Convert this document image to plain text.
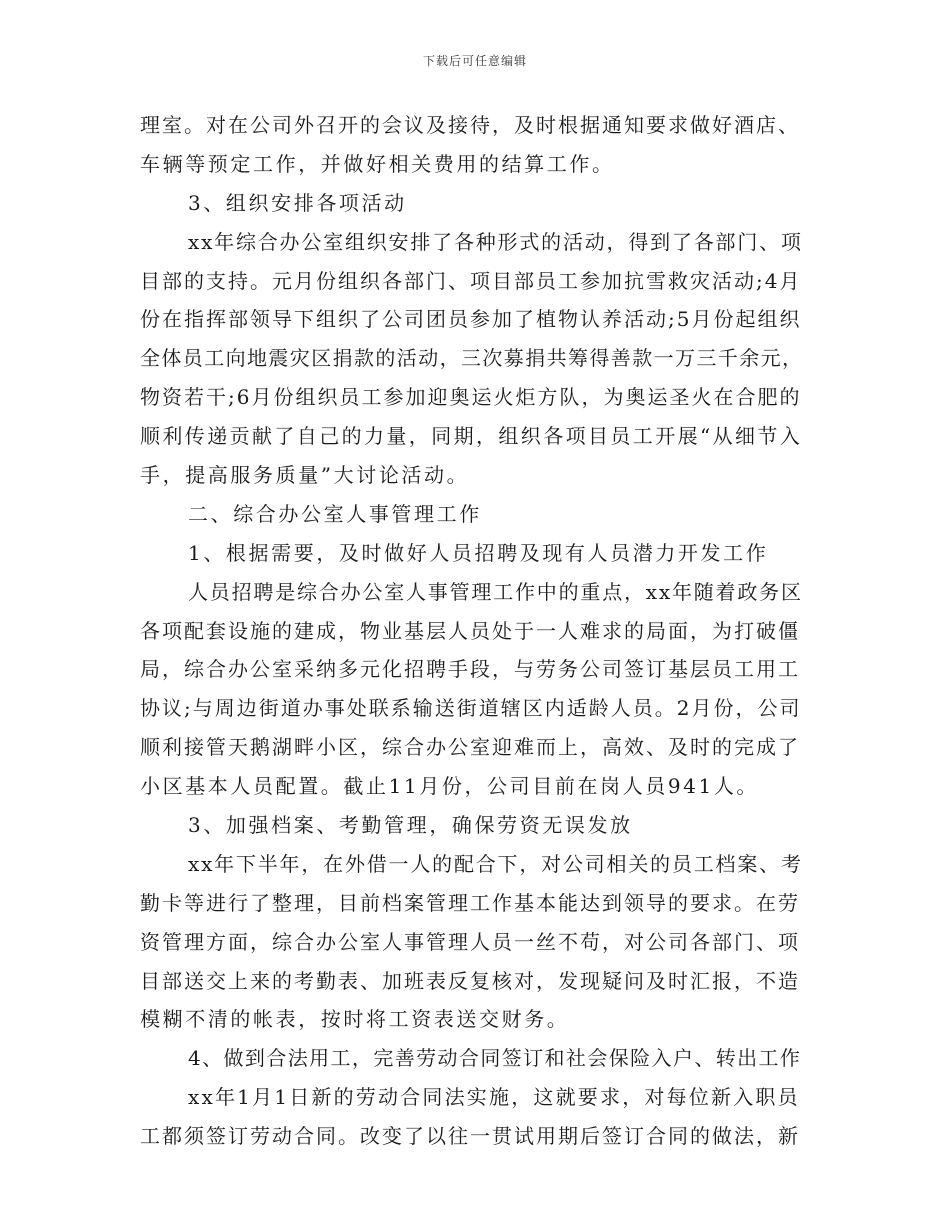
下载后可任意编辑
理室。对在公司外召开的会议及接待，及时根据通知要求做好酒店、
车辆等预定工作，并做好相关费用的结算工作。
3、组织安排各项活动
xx年综合办公室组织安排了各种形式的活动，得到了各部门、项
目部的支持。元月份组织各部门、项目部员工参加抗雪救灾活动;4月
份在指挥部领导下组织了公司团员参加了植物认养活动;5月份起组织
全体员工向地震灾区捐款的活动，三次募捐共筹得善款一万三千余元，
物资若干;6月份组织员工参加迎奥运火炬方队，为奥运圣火在合肥的
顺利传递贡献了自己的力量，同期，组织各项目员工开展“从细节入
手，提高服务质量”大讨论活动。
二、综合办公室人事管理工作
1、根据需要，及时做好人员招聘及现有人员潜力开发工作
人员招聘是综合办公室人事管理工作中的重点，xx年随着政务区
各项配套设施的建成，物业基层人员处于一人难求的局面，为打破僵
局，综合办公室采纳多元化招聘手段，与劳务公司签订基层员工用工
协议;与周边街道办事处联系输送街道辖区内适龄人员。2月份，公司
顺利接管天鹅湖畔小区，综合办公室迎难而上，高效、及时的完成了
小区基本人员配置。截止11月份，公司目前在岗人员941人。
3、加强档案、考勤管理，确保劳资无误发放
xx年下半年，在外借一人的配合下，对公司相关的员工档案、考
勤卡等进行了整理，目前档案管理工作基本能达到领导的要求。在劳
资管理方面，综合办公室人事管理人员一丝不苟，对公司各部门、项
目部送交上来的考勤表、加班表反复核对，发现疑问及时汇报，不造
模糊不清的帐表，按时将工资表送交财务。
4、做到合法用工，完善劳动合同签订和社会保险入户、转出工作
xx年1月1日新的劳动合同法实施，这就要求，对每位新入职员
工都须签订劳动合同。改变了以往一贯试用期后签订合同的做法，新
